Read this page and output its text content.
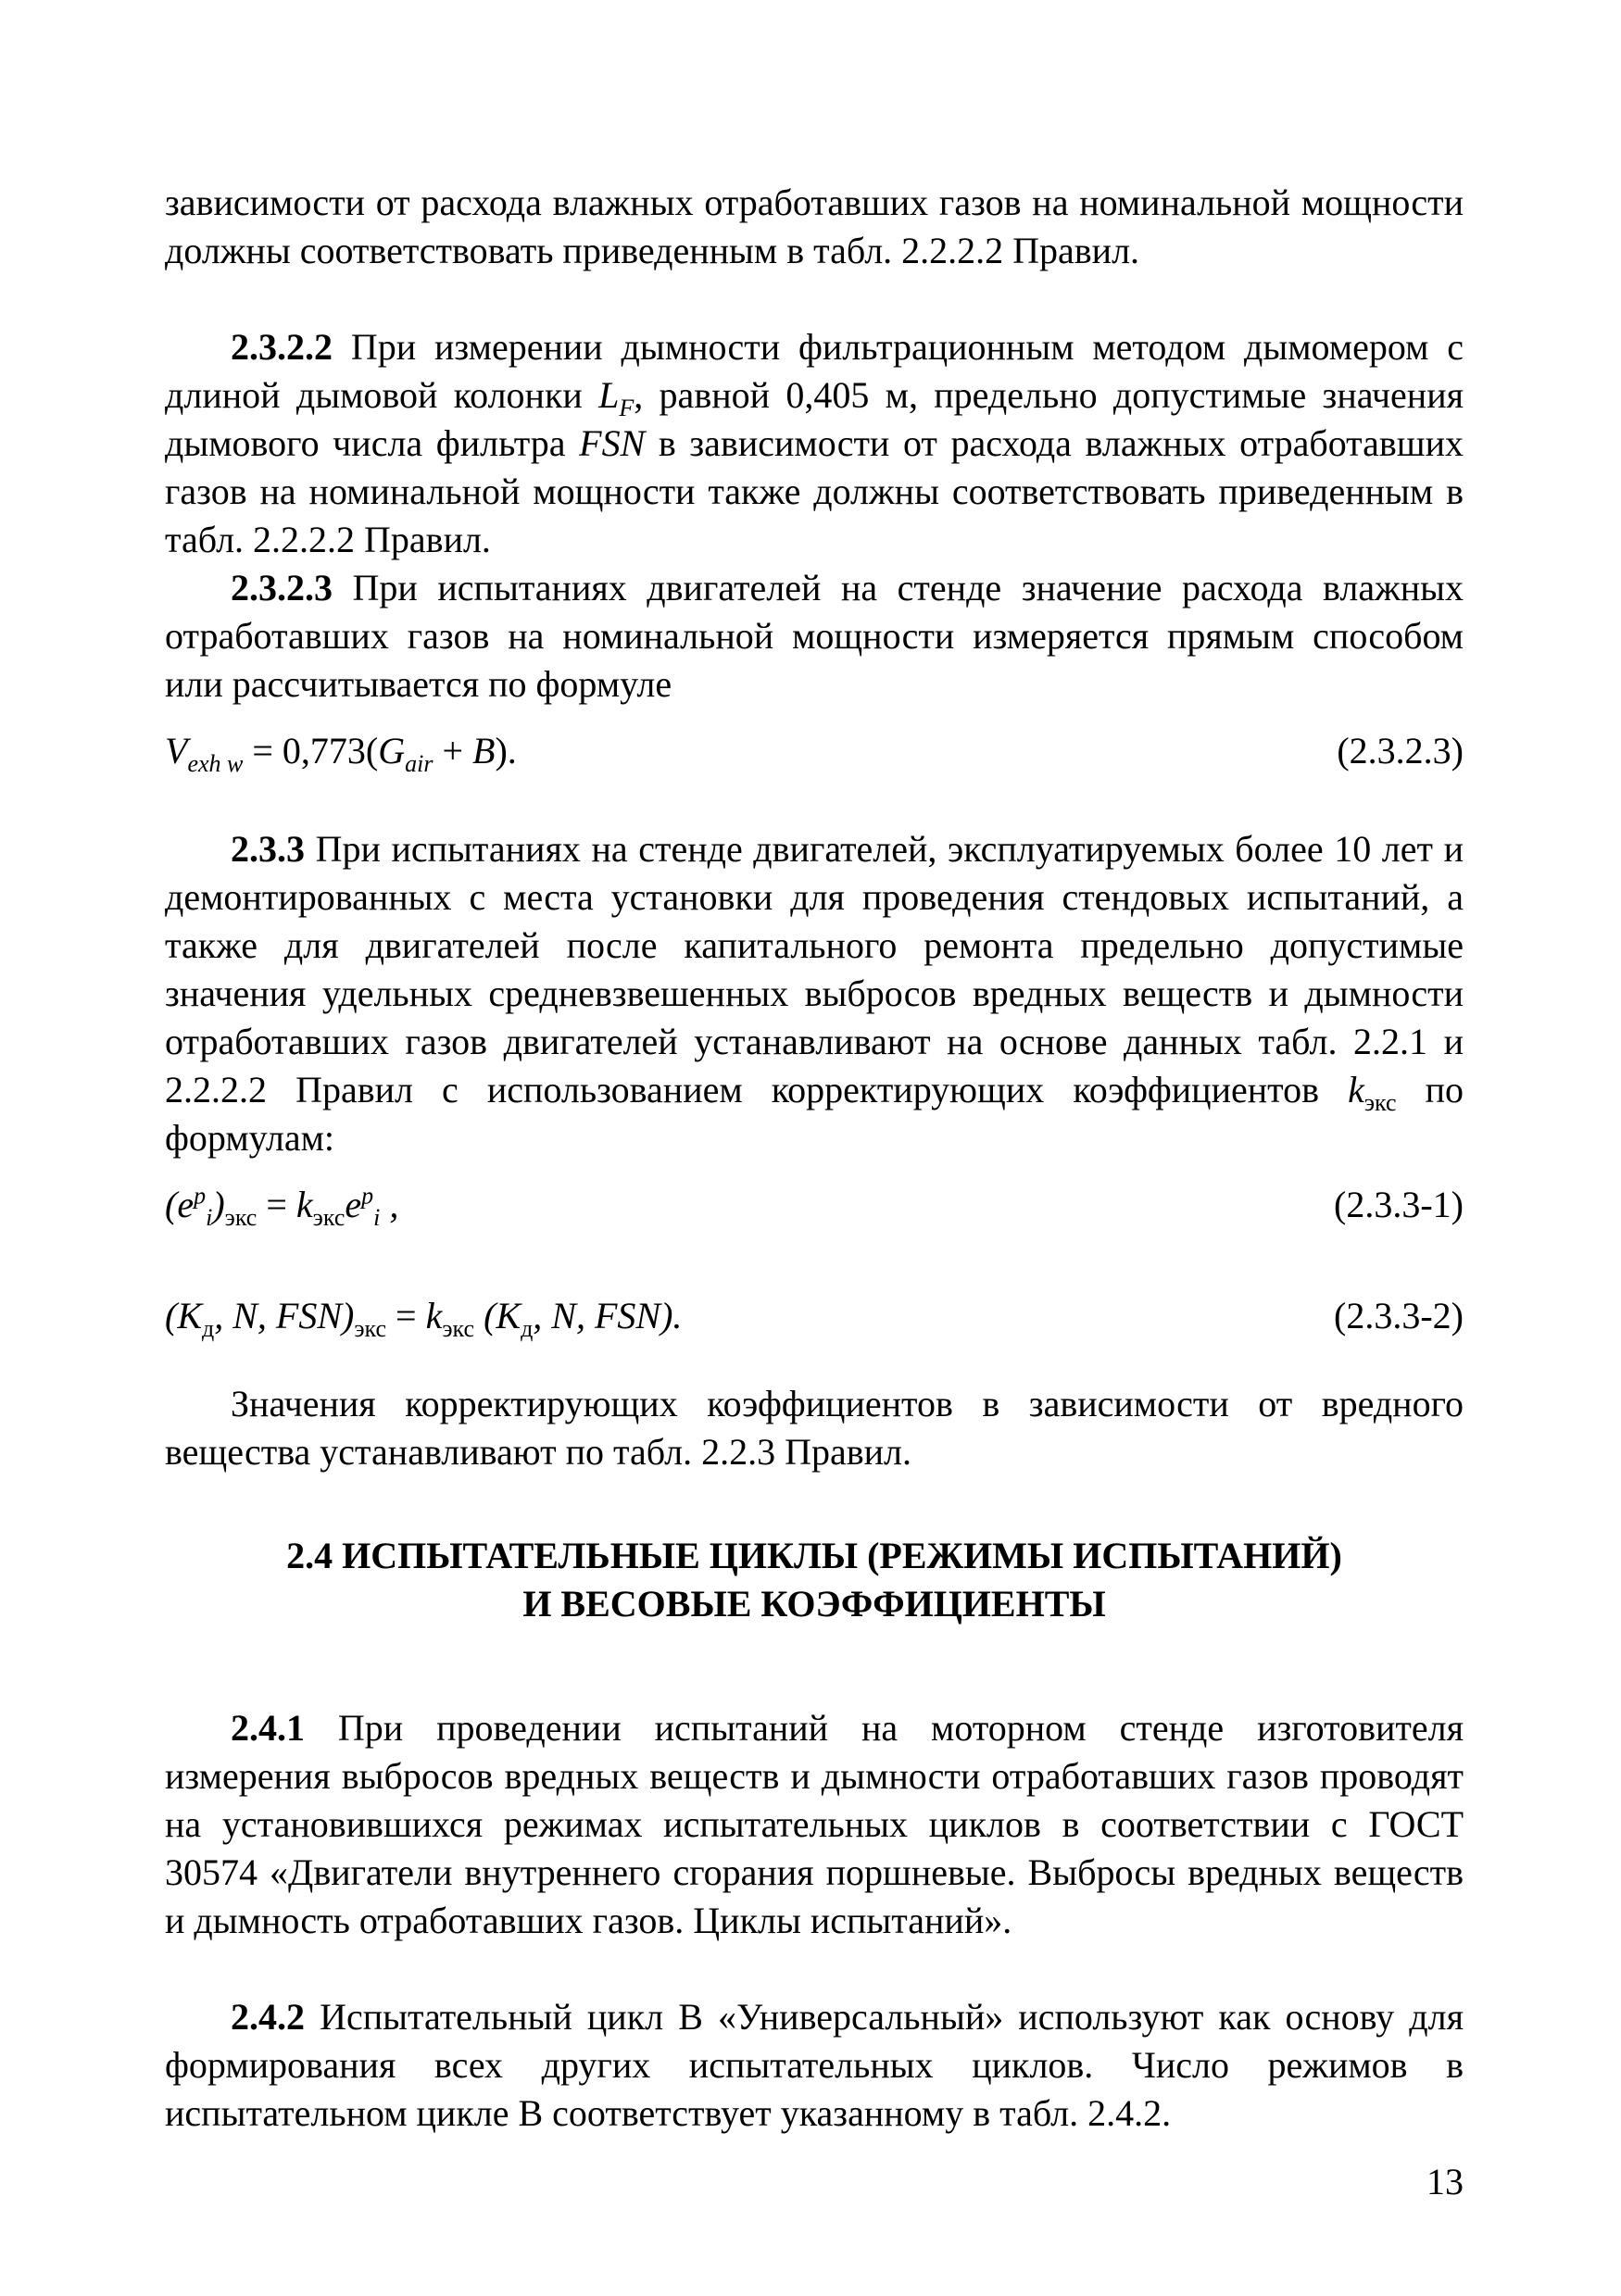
зависимости от расхода влажных отработавших газов на номинальной мощности должны соответствовать приведенным в табл. 2.2.2.2 Правил.

2.3.2.2 При измерении дымности фильтрационным методом дымомером с длиной дымовой колонки $L_F$, равной 0,405 м, предельно допустимые значения дымового числа фильтра FSN в зависимости от расхода влажных отработавших газов на номинальной мощности также должны соответствовать приведенным в табл. 2.2.2.2 Правил.

2.3.2.3 При испытаниях двигателей на стенде значение расхода влажных отработавших газов на номинальной мощности измеряется прямым способом или рассчитывается по формуле

$V_{exh w} = 0,773(G_{air} + B)$.	(2.3.2.3)

2.3.3 При испытаниях на стенде двигателей, эксплуатируемых более 10 лет и демонтированных с места установки для проведения стендовых испытаний, а также для двигателей после капитального ремонта предельно допустимые значения удельных средневзвешенных выбросов вредных веществ и дымности отработавших газов двигателей устанавливают на основе данных табл. 2.2.1 и 2.2.2.2 Правил с использованием корректирующих коэффициентов $k_{экс}$ по формулам:

$(e^p_i)_{экс} = k_{экс}e^p_i$ ,	(2.3.3-1)
($K_д$, N, $FSN)_{экс} = k_{экс}$ ($K_д$, N, FSN).	(2.3.3-2)

Значения корректирующих коэффициентов в зависимости от вредного вещества устанавливают по табл. 2.2.3 Правил.

2.4 ИСПЫТАТЕЛЬНЫЕ ЦИКЛЫ (РЕЖИМЫ ИСПЫТАНИЙ)
И ВЕСОВЫЕ КОЭФФИЦИЕНТЫ

2.4.1 При проведении испытаний на моторном стенде изготовителя измерения выбросов вредных веществ и дымности отработавших газов проводят на установившихся режимах испытательных циклов в соответствии с ГОСТ 30574 «Двигатели внутреннего сгорания поршневые. Выбросы вредных веществ и дымность отработавших газов. Циклы испытаний».

2.4.2 Испытательный цикл В «Универсальный» используют как основу для формирования всех других испытательных циклов. Число режимов в испытательном цикле В соответствует указанному в табл. 2.4.2.

13
